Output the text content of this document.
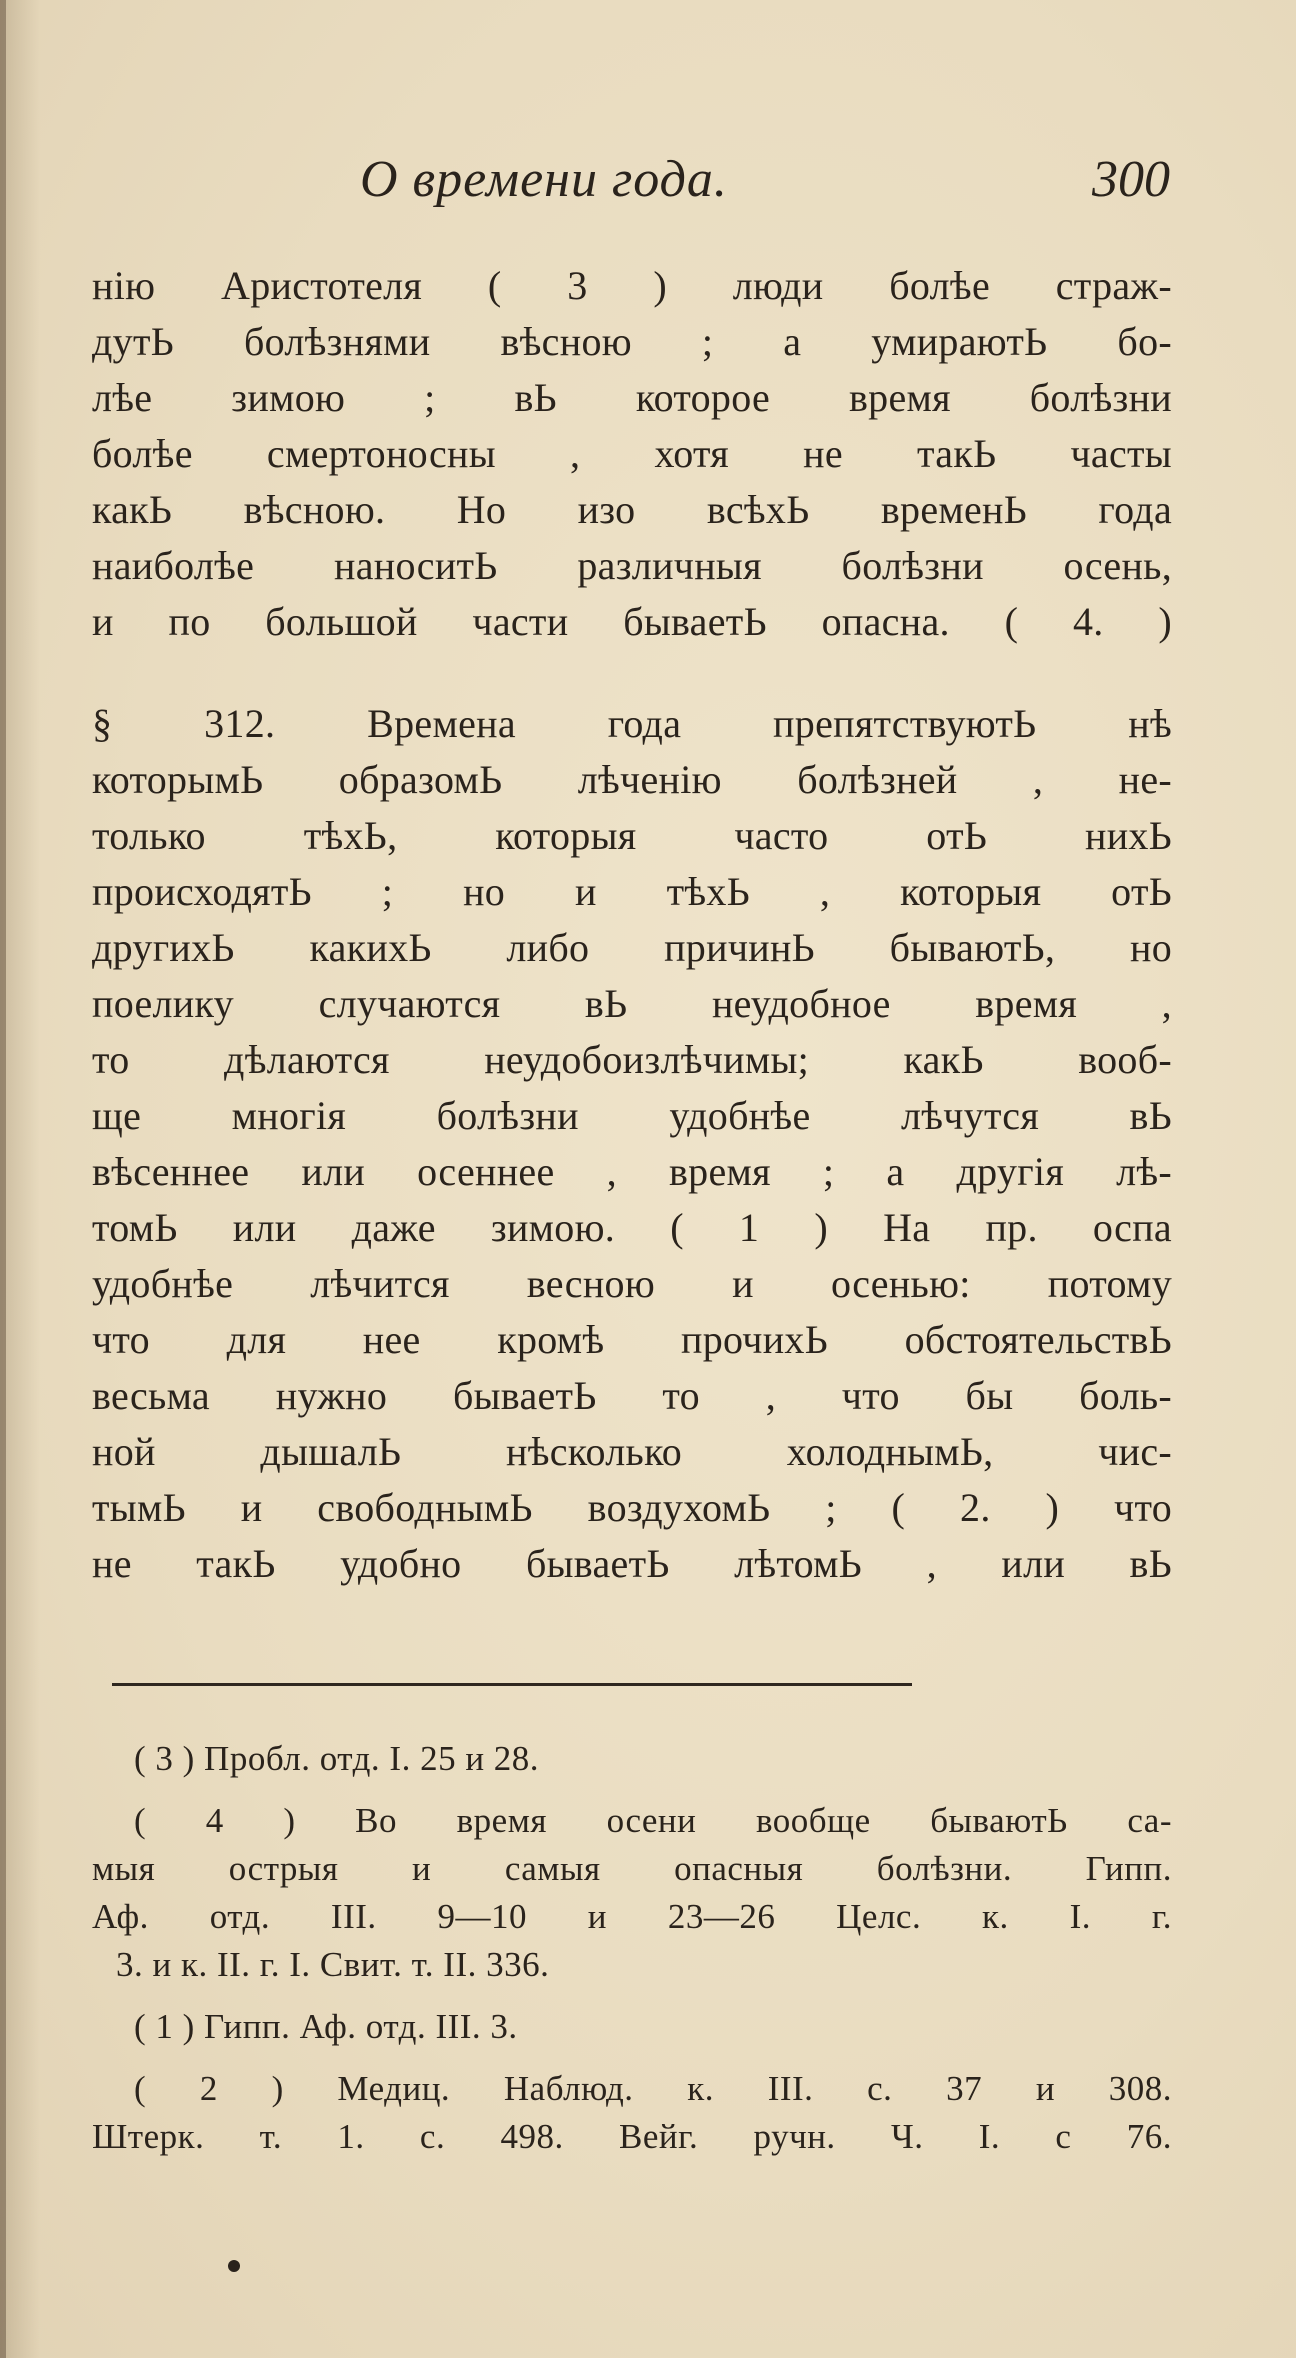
О времени года.	300
нію Аристотеля ( 3 ) люди болѣе страж-
дутЬ болѣзнями вѣсною ; а умираютЬ бо-
лѣе зимою ; вЬ которое время болѣзни
болѣе смертоносны , хотя не такЬ часты
какЬ вѣсною. Но изо всѣхЬ временЬ года
наиболѣе наноситЬ различныя болѣзни осень,
и по большой части бываетЬ опасна. ( 4. )
§ 312. Времена года препятствуютЬ нѣ
которымЬ образомЬ лѣченію болѣзней , не-
только тѣхЬ, которыя часто отЬ нихЬ
происходятЬ ; но и тѣхЬ , которыя отЬ
другихЬ какихЬ либо причинЬ бываютЬ, но
поелику случаются вЬ неудобное время ,
то дѣлаются неудобоизлѣчимы; какЬ вооб-
ще многія болѣзни удобнѣе лѣчутся вЬ
вѣсеннее или осеннее , время ; а другія лѣ-
томЬ или даже зимою. ( 1 ) На пр. оспа
удобнѣе лѣчится весною и осенью: потому
что для нее кромѣ прочихЬ обстоятельствЬ
весьма нужно бываетЬ то , что бы боль-
ной дышалЬ нѣсколько холоднымЬ, чис-
тымЬ и свободнымЬ воздухомЬ ; ( 2. ) что
не такЬ удобно бываетЬ лѣтомЬ , или вЬ
( 3 ) Пробл. отд. I. 25 и 28.
( 4 ) Во время осени вообще бываютЬ са-
мыя острыя и самыя опасныя болѣзни. Гипп.
Аф. отд. III. 9—10 и 23—26 Целс. к. I. г.
3. и к. II. г. I. Свит. т. II. 336.
( 1 ) Гипп. Аф. отд. III. 3.
( 2 ) Медиц. Наблюд. к. III. с. 37 и 308.
Штерк. т. 1. с. 498. Вейг. ручн. Ч. I. с 76.
